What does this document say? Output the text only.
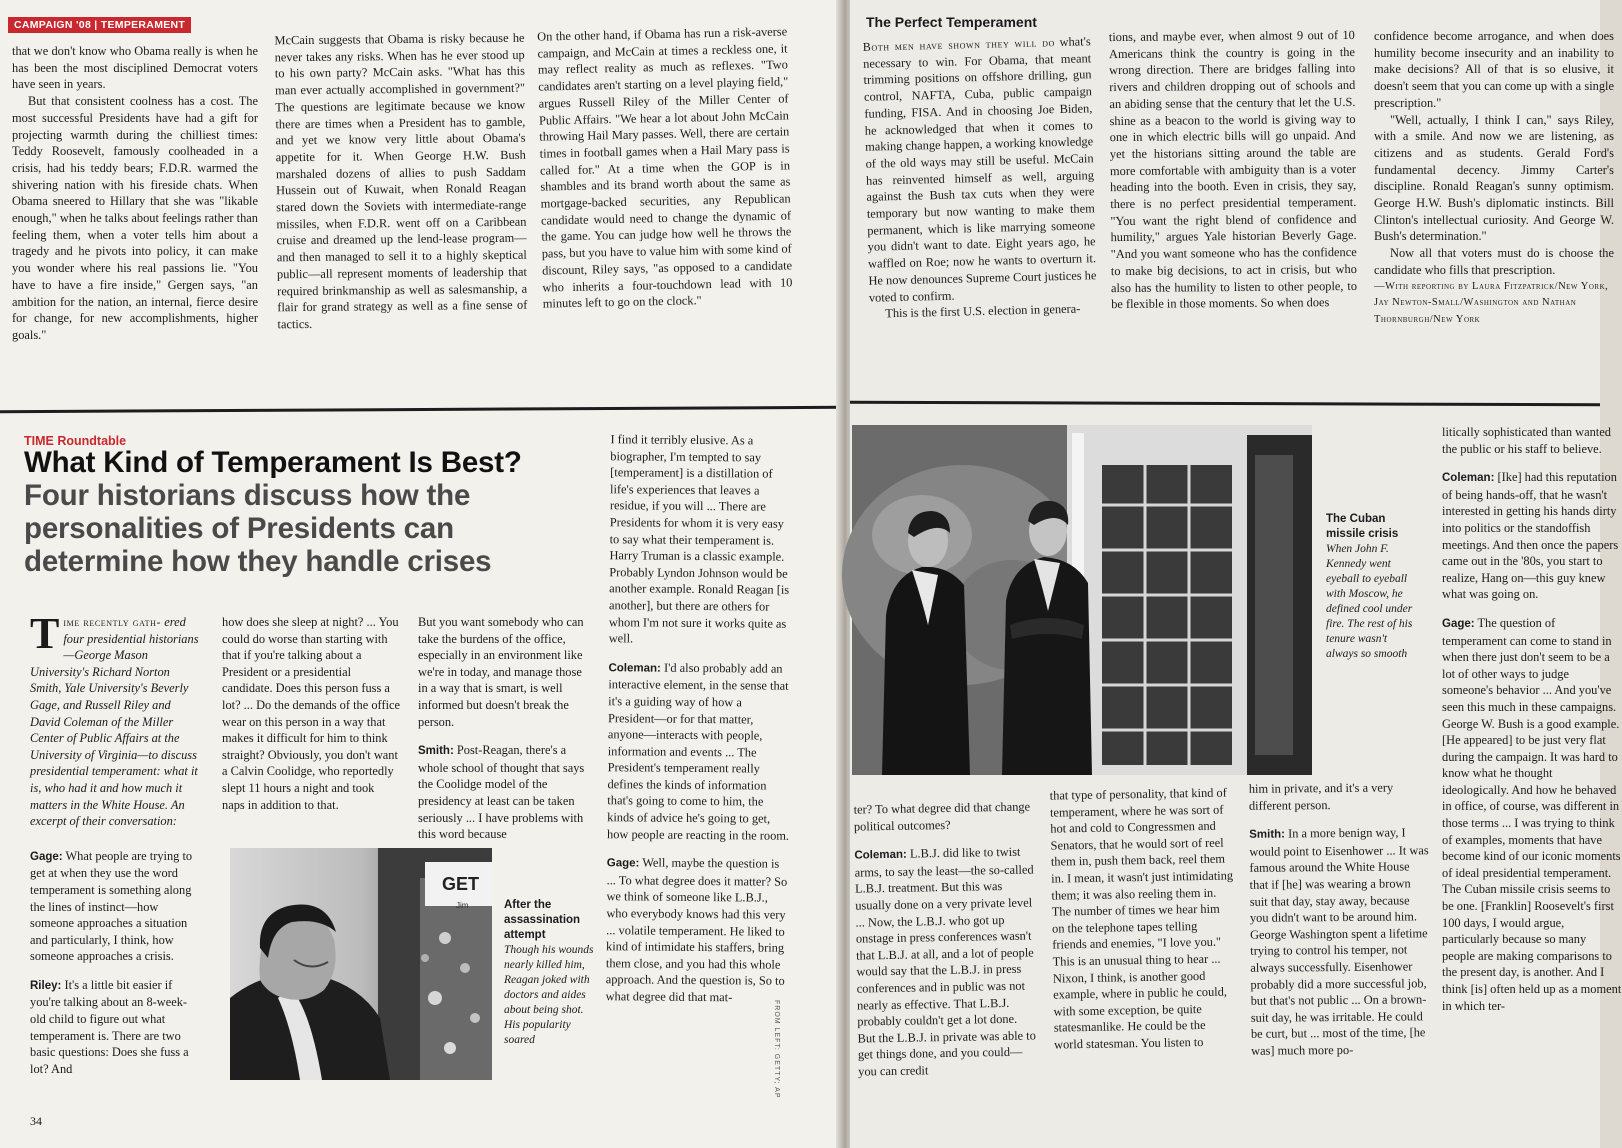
CAMPAIGN '08 | TEMPERAMENT

that we don't know who Obama really is when he has been the most disciplined Democrat voters have seen in years.

But that consistent coolness has a cost. The most successful Presidents have had a gift for projecting warmth during the chilliest times: Teddy Roosevelt, famously coolheaded in a crisis, had his teddy bears; F.D.R. warmed the shivering nation with his fireside chats. When Obama sneered to Hillary that she was "likable enough," when he talks about feelings rather than feeling them, when a voter tells him about a tragedy and he pivots into policy, it can make you wonder where his real passions lie. "You have to have a fire inside," Gergen says, "an ambition for the nation, an internal, fierce desire for change, for new accomplishments, higher goals."

McCain suggests that Obama is risky because he never takes any risks. When has he ever stood up to his own party? McCain asks. "What has this man ever actually accomplished in government?" The questions are legitimate because we know there are times when a President has to gamble, and yet we know very little about Obama's appetite for it. When George H.W. Bush marshaled dozens of allies to push Saddam Hussein out of Kuwait, when Ronald Reagan stared down the Soviets with intermediate-range missiles, when F.D.R. went off on a Caribbean cruise and dreamed up the lend-lease program—and then managed to sell it to a highly skeptical public—all represent moments of leadership that required brinkmanship as well as salesmanship, a flair for grand strategy as well as a fine sense of tactics.

On the other hand, if Obama has run a risk-averse campaign, and McCain at times a reckless one, it may reflect reality as much as reflexes. "Two candidates aren't starting on a level playing field," argues Russell Riley of the Miller Center of Public Affairs. "We hear a lot about John McCain throwing Hail Mary passes. Well, there are certain times in football games when a Hail Mary pass is called for." At a time when the GOP is in shambles and its brand worth about the same as mortgage-backed securities, any Republican candidate would need to change the dynamic of the game. You can judge how well he throws the pass, but you have to value him with some kind of discount, Riley says, "as opposed to a candidate who inherits a four-touchdown lead with 10 minutes left to go on the clock."

TIME Roundtable
What Kind of Temperament Is Best? Four historians discuss how the personalities of Presidents can determine how they handle crises

Time recently gath- ered four presidential historians—George Mason University's Richard Norton Smith, Yale University's Beverly Gage, and Russell Riley and David Coleman of the Miller Center of Public Affairs at the University of Virginia—to discuss presidential temperament: what it is, who had it and how much it matters in the White House. An excerpt of their conversation:

Gage: What people are trying to get at when they use the word temperament is something along the lines of instinct—how someone approaches a situation and particularly, I think, how someone approaches a crisis.

Riley: It's a little bit easier if you're talking about an 8-week-old child to figure out what temperament is. There are two basic questions: Does she fuss a lot? And

how does she sleep at night? ... You could do worse than starting with that if you're talking about a President or a presidential candidate. Does this person fuss a lot? ... Do the demands of the office wear on this person in a way that makes it difficult for him to think straight? Obviously, you don't want a Calvin Coolidge, who reportedly slept 11 hours a night and took naps in addition to that.

But you want somebody who can take the burdens of the office, especially in an environment like we're in today, and manage those in a way that is smart, is well informed but doesn't break the person.

Smith: Post-Reagan, there's a whole school of thought that says the Coolidge model of the presidency at least can be taken seriously ... I have problems with this word because

I find it terribly elusive. As a biographer, I'm tempted to say [temperament] is a distillation of life's experiences that leaves a residue, if you will ... There are Presidents for whom it is very easy to say what their temperament is. Harry Truman is a classic example. Probably Lyndon Johnson would be another example. Ronald Reagan [is another], but there are others for whom I'm not sure it works quite as well.

Coleman: I'd also probably add an interactive element, in the sense that it's a guiding way of how a President—or for that matter, anyone—interacts with people, information and events ... The President's temperament really defines the kinds of information that's going to come to him, the kinds of advice he's going to get, how people are reacting in the room.

Gage: Well, maybe the question is ... To what degree does it matter? So we think of someone like L.B.J., who everybody knows had this very ... volatile temperament. He liked to kind of intimidate his staffers, bring them close, and you had this whole approach. And the question is, So to what degree did that mat-

GET
Jim	After the assassination attempt
Though his wounds nearly killed him, Reagan joked with doctors and aides about being shot. His popularity soared	FROM LEFT: GETTY; AP
34
The Cuban missile crisis
When John F. Kennedy went eyeball to eyeball with Moscow, he defined cool under fire. The rest of his tenure wasn't always so smooth

ter? To what degree did that change political outcomes?

Coleman: L.B.J. did like to twist arms, to say the least—the so-called L.B.J. treatment. But this was usually done on a very private level ... Now, the L.B.J. who got up onstage in press conferences wasn't that L.B.J. at all, and a lot of people would say that the L.B.J. in press conferences and in public was not nearly as effective. That L.B.J. probably couldn't get a lot done. But the L.B.J. in private was able to get things done, and you could—you can credit

that type of personality, that kind of temperament, where he was sort of hot and cold to Congressmen and Senators, that he would sort of reel them in, push them back, reel them in. I mean, it wasn't just intimidating them; it was also reeling them in. The number of times we hear him on the telephone tapes telling friends and enemies, "I love you." This is an unusual thing to hear ... Nixon, I think, is another good example, where in public he could, with some exception, be quite statesmanlike. He could be the world statesman. You listen to

him in private, and it's a very different person.

Smith: In a more benign way, I would point to Eisenhower ... It was famous around the White House that if [he] was wearing a brown suit that day, stay away, because you didn't want to be around him. George Washington spent a lifetime trying to control his temper, not always successfully. Eisenhower probably did a more successful job, but that's not public ... On a brown-suit day, he was irritable. He could be curt, but ... most of the time, [he was] much more po-

litically sophisticated than wanted the public or his staff to believe.

Coleman: [Ike] had this reputation of being hands-off, that he wasn't interested in getting his hands dirty into politics or the standoffish meetings. And then once the papers came out in the '80s, you start to realize, Hang on—this guy knew what was going on.

Gage: The question of temperament can come to stand in when there just don't seem to be a lot of other ways to judge someone's behavior ... And you've seen this much in these campaigns. George W. Bush is a good example. [He appeared] to be just very flat during the campaign. It was hard to know what he thought ideologically. And how he behaved in office, of course, was different in those terms ... I was trying to think of examples, moments that have become kind of our iconic moments of ideal presidential temperament. The Cuban missile crisis seems to be one. [Franklin] Roosevelt's first 100 days, I would argue, particularly because so many people are making comparisons to the present day, is another. And I think [is] often held up as a moment in which ter-

The Perfect Temperament

Both men have shown they will do what's necessary to win. For Obama, that meant trimming positions on offshore drilling, gun control, NAFTA, Cuba, public campaign funding, FISA. And in choosing Joe Biden, he acknowledged that when it comes to making change happen, a working knowledge of the old ways may still be useful. McCain has reinvented himself as well, arguing against the Bush tax cuts when they were temporary but now wanting to make them permanent, which is like marrying someone you didn't want to date. Eight years ago, he waffled on Roe; now he wants to overturn it. He now denounces Supreme Court justices he voted to confirm.

This is the first U.S. election in genera-

tions, and maybe ever, when almost 9 out of 10 Americans think the country is going in the wrong direction. There are bridges falling into rivers and children dropping out of schools and an abiding sense that the century that let the U.S. shine as a beacon to the world is giving way to one in which electric bills will go unpaid. And yet the historians sitting around the table are more comfortable with ambiguity than is a voter heading into the booth. Even in crisis, they say, there is no perfect presidential temperament. "You want the right blend of confidence and humility," argues Yale historian Beverly Gage. "And you want someone who has the confidence to make big decisions, to act in crisis, but who also has the humility to listen to other people, to be flexible in those moments. So when does

confidence become arrogance, and when does humility become insecurity and an inability to make decisions? All of that is so elusive, it doesn't seem that you can come up with a single prescription."

"Well, actually, I think I can," says Riley, with a smile. And now we are listening, as citizens and as students. Gerald Ford's fundamental decency. Jimmy Carter's discipline. Ronald Reagan's sunny optimism. George H.W. Bush's diplomatic instincts. Bill Clinton's intellectual curiosity. And George W. Bush's determination."

Now all that voters must do is choose the candidate who fills that prescription.

—With reporting by Laura Fitzpatrick/New York, Jay Newton-Small/Washington and Nathan Thornburgh/New York
